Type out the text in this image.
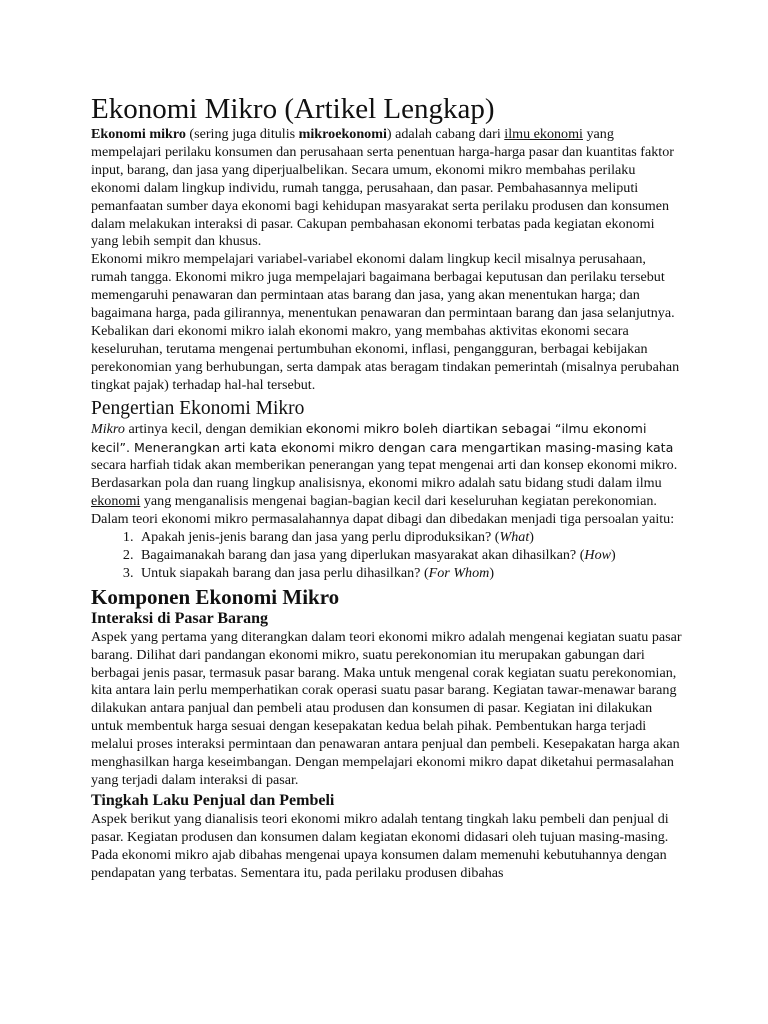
Ekonomi Mikro (Artikel Lengkap)

Ekonomi mikro (sering juga ditulis mikroekonomi) adalah cabang dari ilmu ekonomi yang mempelajari perilaku konsumen dan perusahaan serta penentuan harga-harga pasar dan kuantitas faktor input, barang, dan jasa yang diperjualbelikan. Secara umum, ekonomi mikro membahas perilaku ekonomi dalam lingkup individu, rumah tangga, perusahaan, dan pasar. Pembahasannya meliputi pemanfaatan sumber daya ekonomi bagi kehidupan masyarakat serta perilaku produsen dan konsumen dalam melakukan interaksi di pasar. Cakupan pembahasan ekonomi terbatas pada kegiatan ekonomi yang lebih sempit dan khusus.

Ekonomi mikro mempelajari variabel-variabel ekonomi dalam lingkup kecil misalnya perusahaan, rumah tangga. Ekonomi mikro juga mempelajari bagaimana berbagai keputusan dan perilaku tersebut memengaruhi penawaran dan permintaan atas barang dan jasa, yang akan menentukan harga; dan bagaimana harga, pada gilirannya, menentukan penawaran dan permintaan barang dan jasa selanjutnya.

Kebalikan dari ekonomi mikro ialah ekonomi makro, yang membahas aktivitas ekonomi secara keseluruhan, terutama mengenai pertumbuhan ekonomi, inflasi, pengangguran, berbagai kebijakan perekonomian yang berhubungan, serta dampak atas beragam tindakan pemerintah (misalnya perubahan tingkat pajak) terhadap hal-hal tersebut.

Pengertian Ekonomi Mikro

Mikro artinya kecil, dengan demikian ekonomi mikro boleh diartikan sebagai “ilmu ekonomi kecil”. Menerangkan arti kata ekonomi mikro dengan cara mengartikan masing-masing kata secara harfiah tidak akan memberikan penerangan yang tepat mengenai arti dan konsep ekonomi mikro. Berdasarkan pola dan ruang lingkup analisisnya, ekonomi mikro adalah satu bidang studi dalam ilmu ekonomi yang menganalisis mengenai bagian-bagian kecil dari keseluruhan kegiatan perekonomian. Dalam teori ekonomi mikro permasalahannya dapat dibagi dan dibedakan menjadi tiga persoalan yaitu:

1. Apakah jenis-jenis barang dan jasa yang perlu diproduksikan? (What)
2. Bagaimanakah barang dan jasa yang diperlukan masyarakat akan dihasilkan? (How)
3. Untuk siapakah barang dan jasa perlu dihasilkan? (For Whom)
Komponen Ekonomi Mikro
Interaksi di Pasar Barang

Aspek yang pertama yang diterangkan dalam teori ekonomi mikro adalah mengenai kegiatan suatu pasar barang. Dilihat dari pandangan ekonomi mikro, suatu perekonomian itu merupakan gabungan dari berbagai jenis pasar, termasuk pasar barang. Maka untuk mengenal corak kegiatan suatu perekonomian, kita antara lain perlu memperhatikan corak operasi suatu pasar barang. Kegiatan tawar-menawar barang dilakukan antara panjual dan pembeli atau produsen dan konsumen di pasar. Kegiatan ini dilakukan untuk membentuk harga sesuai dengan kesepakatan kedua belah pihak. Pembentukan harga terjadi melalui proses interaksi permintaan dan penawaran antara penjual dan pembeli. Kesepakatan harga akan menghasilkan harga keseimbangan. Dengan mempelajari ekonomi mikro dapat diketahui permasalahan yang terjadi dalam interaksi di pasar.

Tingkah Laku Penjual dan Pembeli

Aspek berikut yang dianalisis teori ekonomi mikro adalah tentang tingkah laku pembeli dan penjual di pasar. Kegiatan produsen dan konsumen dalam kegiatan ekonomi didasari oleh tujuan masing-masing. Pada ekonomi mikro ajab dibahas mengenai upaya konsumen dalam memenuhi kebutuhannya dengan pendapatan yang terbatas. Sementara itu, pada perilaku produsen dibahas
